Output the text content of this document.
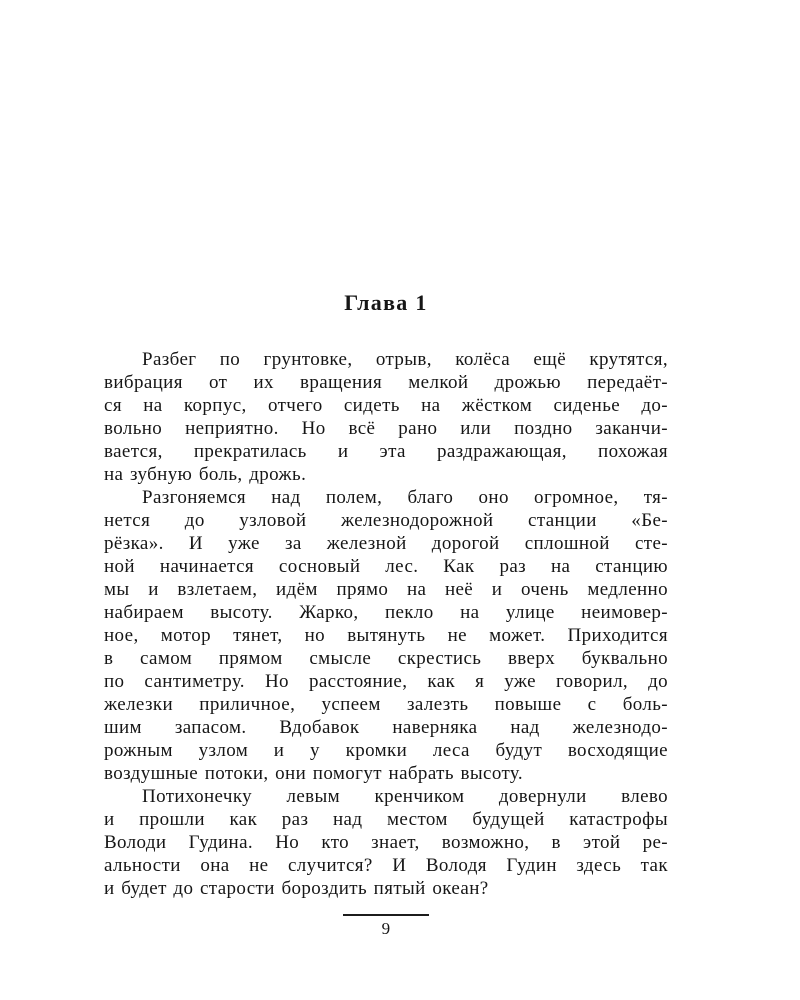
Глава 1
Разбег по грунтовке, отрыв, колёса ещё крутятся,
вибрация от их вращения мелкой дрожью передаёт-
ся на корпус, отчего сидеть на жёстком сиденье до-
вольно неприятно. Но всё рано или поздно заканчи-
вается, прекратилась и эта раздражающая, похожая
на зубную боль, дрожь.
Разгоняемся над полем, благо оно огромное, тя-
нется до узловой железнодорожной станции «Бе-
рёзка». И уже за железной дорогой сплошной сте-
ной начинается сосновый лес. Как раз на станцию
мы и взлетаем, идём прямо на неё и очень медленно
набираем высоту. Жарко, пекло на улице неимовер-
ное, мотор тянет, но вытянуть не может. Приходится
в самом прямом смысле скрестись вверх буквально
по сантиметру. Но расстояние, как я уже говорил, до
железки приличное, успеем залезть повыше с боль-
шим запасом. Вдобавок наверняка над железнодо-
рожным узлом и у кромки леса будут восходящие
воздушные потоки, они помогут набрать высоту.
Потихонечку левым кренчиком довернули влево
и прошли как раз над местом будущей катастрофы
Володи Гудина. Но кто знает, возможно, в этой ре-
альности она не случится? И Володя Гудин здесь так
и будет до старости бороздить пятый океан?
9
